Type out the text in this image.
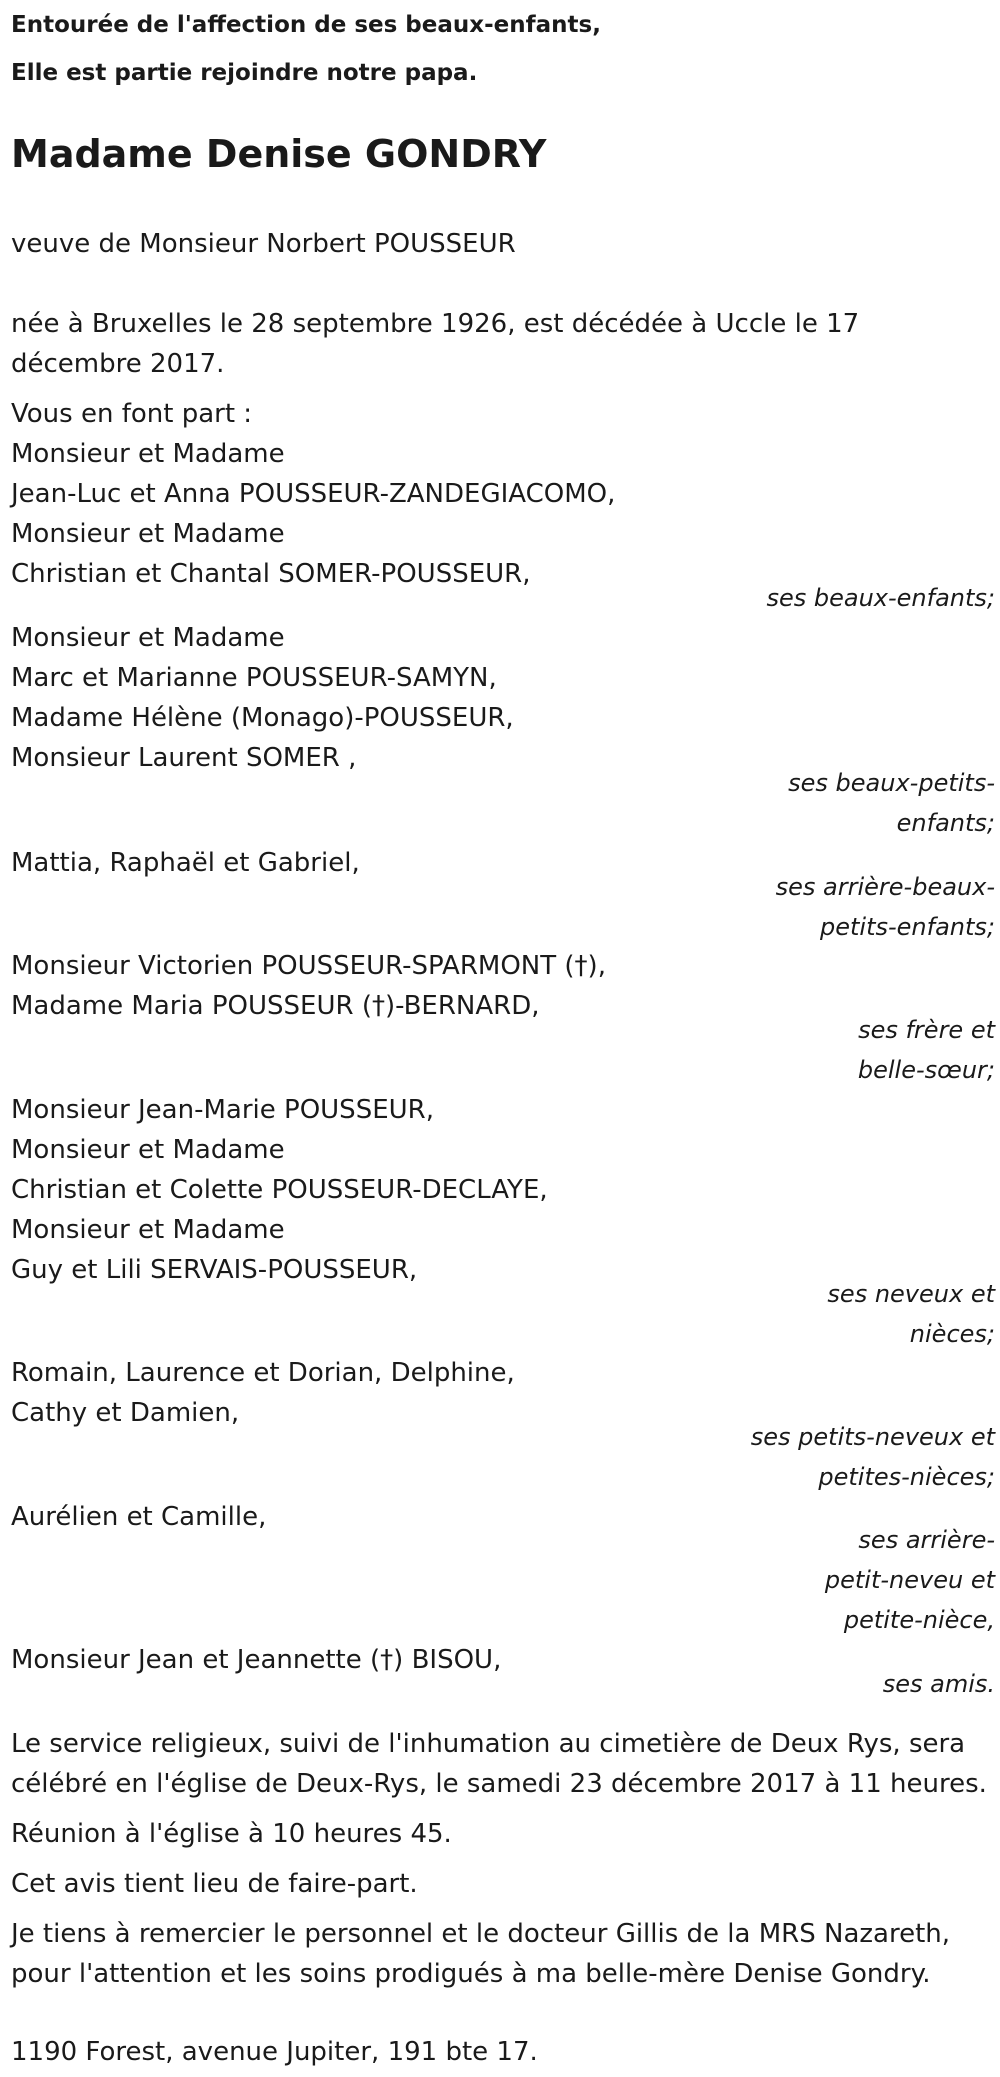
Entourée de l'affection de ses beaux-enfants,
Elle est partie rejoindre notre papa.
Madame Denise GONDRY
veuve de Monsieur Norbert POUSSEUR
née à Bruxelles le 28 septembre 1926, est décédée à Uccle le 17
décembre 2017.
Vous en font part :
Monsieur et Madame
Jean-Luc et Anna POUSSEUR-ZANDEGIACOMO,
Monsieur et Madame
Christian et Chantal SOMER-POUSSEUR,
ses beaux-enfants;
Monsieur et Madame
Marc et Marianne POUSSEUR-SAMYN,
Madame Hélène (Monago)-POUSSEUR,
Monsieur Laurent SOMER ,
ses beaux-petits-
enfants;
Mattia, Raphaël et Gabriel,
ses arrière-beaux-
petits-enfants;
Monsieur Victorien POUSSEUR-SPARMONT (†),
Madame Maria POUSSEUR (†)-BERNARD,
ses frère et
belle-sœur;
Monsieur Jean-Marie POUSSEUR,
Monsieur et Madame
Christian et Colette POUSSEUR-DECLAYE,
Monsieur et Madame
Guy et Lili SERVAIS-POUSSEUR,
ses neveux et
nièces;
Romain, Laurence et Dorian, Delphine,
Cathy et Damien,
ses petits-neveux et
petites-nièces;
Aurélien et Camille,
ses arrière-
petit-neveu et
petite-nièce,
Monsieur Jean et Jeannette (†) BISOU,
ses amis.
Le service religieux, suivi de l'inhumation au cimetière de Deux Rys, sera
célébré en l'église de Deux-Rys, le samedi 23 décembre 2017 à 11 heures.
Réunion à l'église à 10 heures 45.
Cet avis tient lieu de faire-part.
Je tiens à remercier le personnel et le docteur Gillis de la MRS Nazareth,
pour l'attention et les soins prodigués à ma belle-mère Denise Gondry.
1190 Forest, avenue Jupiter, 191 bte 17.
